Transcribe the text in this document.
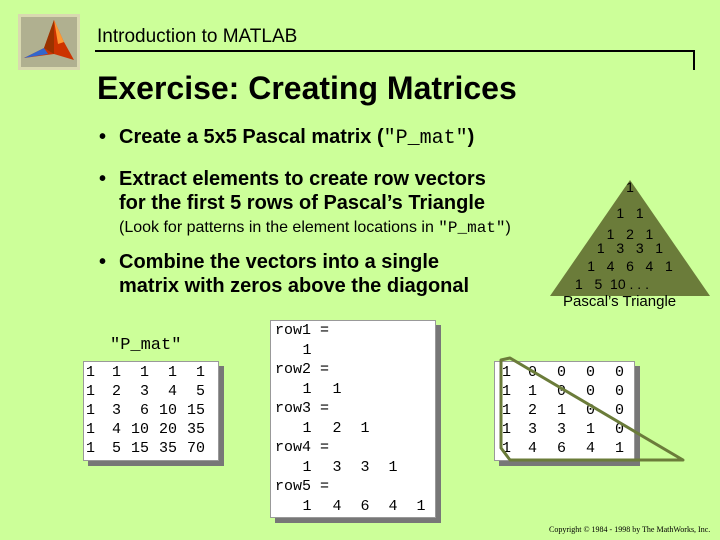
Introduction to MATLAB
Exercise: Creating Matrices
• Create a 5x5 Pascal matrix ("P_mat")
• Extract elements to create row vectors
for the first 5 rows of Pascal’s Triangle
(Look for patterns in the element locations in "P_mat")
• Combine the vectors into a single
matrix with zeros above the diagonal
1
1   1
1   2   1
1   3   3   1
1   4   6   4   1
1   5  10 . . .
Pascal’s Triangle
"P_mat"
1	1	1	1	1
1	2	3	4	5
1	3	6	10	15
1	4	10	20	35
1	5	15	35	70
row1 =
1
row2 =
1 1
row3 =
1 2 1
row4 =
1 3 3 1
row5 =
1 4 6 4 1
1	0	0	0	0
1	1	0	0	0
1	2	1	0	0
1	3	3	1	0
1	4	6	4	1
Copyright © 1984 - 1998 by The MathWorks, Inc.
